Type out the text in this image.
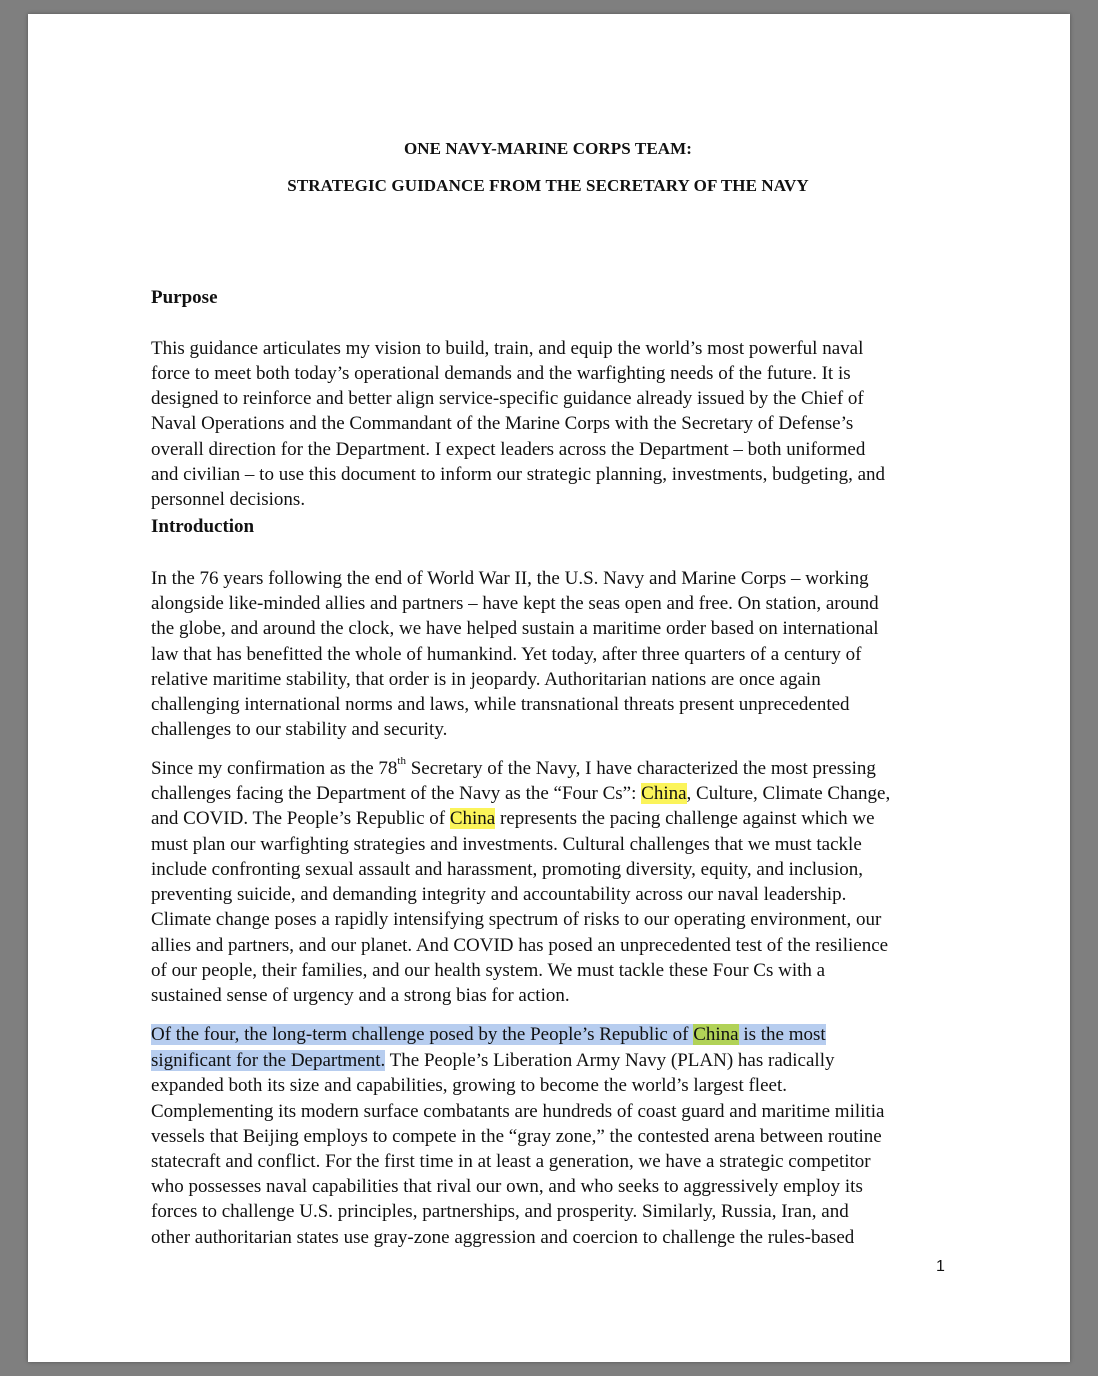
ONE NAVY-MARINE CORPS TEAM:
STRATEGIC GUIDANCE FROM THE SECRETARY OF THE NAVY
Purpose
This guidance articulates my vision to build, train, and equip the world’s most powerful naval
force to meet both today’s operational demands and the warfighting needs of the future. It is
designed to reinforce and better align service-specific guidance already issued by the Chief of
Naval Operations and the Commandant of the Marine Corps with the Secretary of Defense’s
overall direction for the Department. I expect leaders across the Department – both uniformed
and civilian – to use this document to inform our strategic planning, investments, budgeting, and
personnel decisions.
Introduction
In the 76 years following the end of World War II, the U.S. Navy and Marine Corps – working
alongside like-minded allies and partners – have kept the seas open and free. On station, around
the globe, and around the clock, we have helped sustain a maritime order based on international
law that has benefitted the whole of humankind. Yet today, after three quarters of a century of
relative maritime stability, that order is in jeopardy. Authoritarian nations are once again
challenging international norms and laws, while transnational threats present unprecedented
challenges to our stability and security.
Since my confirmation as the 78th Secretary of the Navy, I have characterized the most pressing
challenges facing the Department of the Navy as the “Four Cs”: China, Culture, Climate Change,
and COVID. The People’s Republic of China represents the pacing challenge against which we
must plan our warfighting strategies and investments. Cultural challenges that we must tackle
include confronting sexual assault and harassment, promoting diversity, equity, and inclusion,
preventing suicide, and demanding integrity and accountability across our naval leadership.
Climate change poses a rapidly intensifying spectrum of risks to our operating environment, our
allies and partners, and our planet. And COVID has posed an unprecedented test of the resilience
of our people, their families, and our health system. We must tackle these Four Cs with a
sustained sense of urgency and a strong bias for action.
Of the four, the long-term challenge posed by the People’s Republic of China is the most
significant for the Department. The People’s Liberation Army Navy (PLAN) has radically
expanded both its size and capabilities, growing to become the world’s largest fleet.
Complementing its modern surface combatants are hundreds of coast guard and maritime militia
vessels that Beijing employs to compete in the “gray zone,” the contested arena between routine
statecraft and conflict. For the first time in at least a generation, we have a strategic competitor
who possesses naval capabilities that rival our own, and who seeks to aggressively employ its
forces to challenge U.S. principles, partnerships, and prosperity. Similarly, Russia, Iran, and
other authoritarian states use gray-zone aggression and coercion to challenge the rules-based
1
